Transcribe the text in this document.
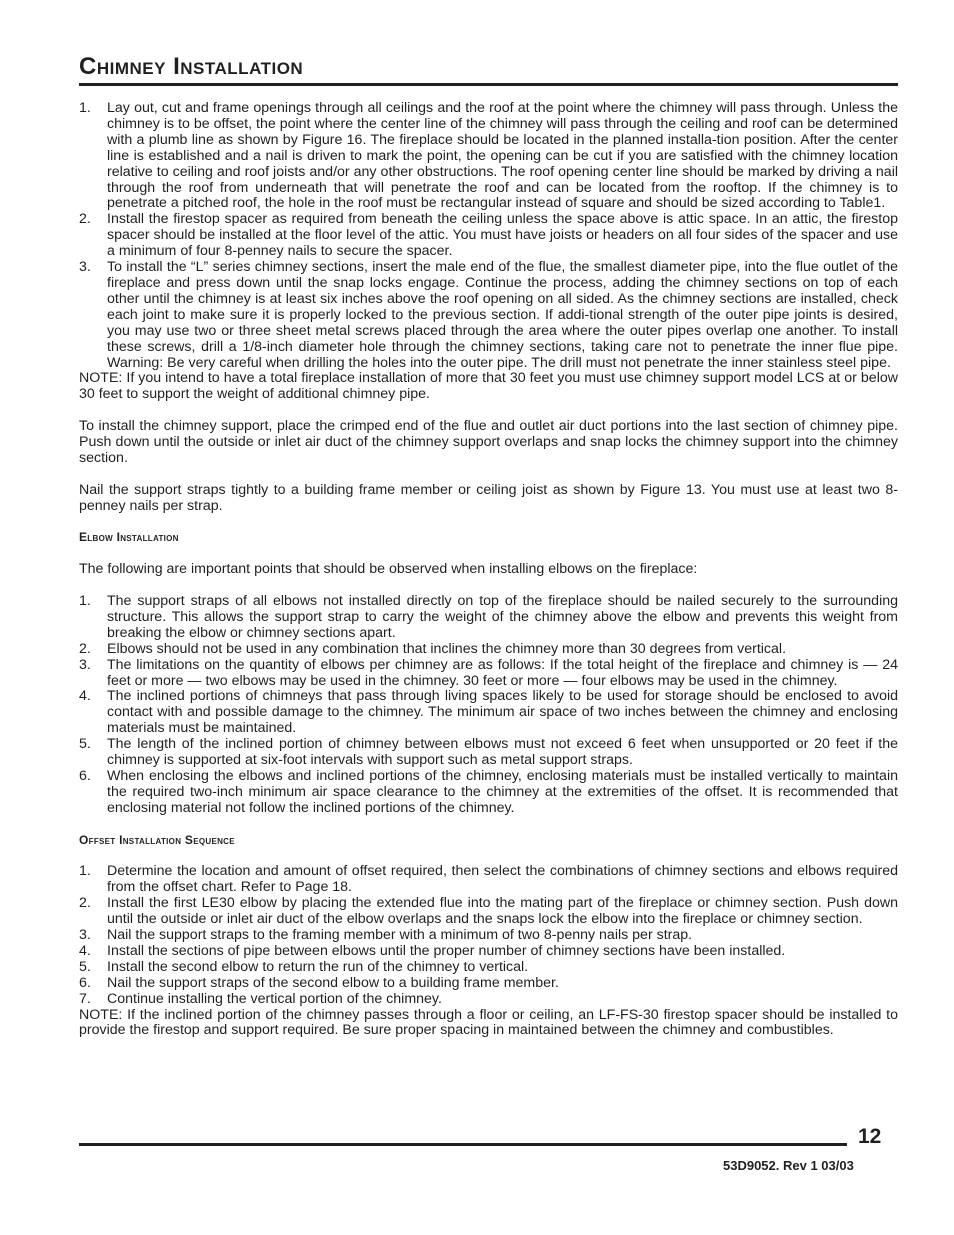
Chimney Installation
1. Lay out, cut and frame openings through all ceilings and the roof at the point where the chimney will pass through. Unless the chimney is to be offset, the point where the center line of the chimney will pass through the ceiling and roof can be determined with a plumb line as shown by Figure 16. The fireplace should be located in the planned installa-tion position. After the center line is established and a nail is driven to mark the point, the opening can be cut if you are satisfied with the chimney location relative to ceiling and roof joists and/or any other obstructions. The roof opening center line should be marked by driving a nail through the roof from underneath that will penetrate the roof and can be located from the rooftop. If the chimney is to penetrate a pitched roof, the hole in the roof must be rectangular instead of square and should be sized according to Table1.
2. Install the firestop spacer as required from beneath the ceiling unless the space above is attic space. In an attic, the firestop spacer should be installed at the floor level of the attic. You must have joists or headers on all four sides of the spacer and use a minimum of four 8-penney nails to secure the spacer.
3. To install the “L” series chimney sections, insert the male end of the flue, the smallest diameter pipe, into the flue outlet of the fireplace and press down until the snap locks engage. Continue the process, adding the chimney sections on top of each other until the chimney is at least six inches above the roof opening on all sided. As the chimney sections are installed, check each joint to make sure it is properly locked to the previous section. If addi-tional strength of the outer pipe joints is desired, you may use two or three sheet metal screws placed through the area where the outer pipes overlap one another. To install these screws, drill a 1/8-inch diameter hole through the chimney sections, taking care not to penetrate the inner flue pipe. Warning: Be very careful when drilling the holes into the outer pipe. The drill must not penetrate the inner stainless steel pipe.

NOTE: If you intend to have a total fireplace installation of more that 30 feet you must use chimney support model LCS at or below 30 feet to support the weight of additional chimney pipe.

To install the chimney support, place the crimped end of the flue and outlet air duct portions into the last section of chimney pipe. Push down until the outside or inlet air duct of the chimney support overlaps and snap locks the chimney support into the chimney section.

Nail the support straps tightly to a building frame member or ceiling joist as shown by Figure 13. You must use at least two 8-penney nails per strap.

Elbow Installation

The following are important points that should be observed when installing elbows on the fireplace:

1. The support straps of all elbows not installed directly on top of the fireplace should be nailed securely to the surrounding structure. This allows the support strap to carry the weight of the chimney above the elbow and prevents this weight from breaking the elbow or chimney sections apart.
2. Elbows should not be used in any combination that inclines the chimney more than 30 degrees from vertical.
3. The limitations on the quantity of elbows per chimney are as follows: If the total height of the fireplace and chimney is — 24 feet or more — two elbows may be used in the chimney. 30 feet or more — four elbows may be used in the chimney.
4. The inclined portions of chimneys that pass through living spaces likely to be used for storage should be enclosed to avoid contact with and possible damage to the chimney. The minimum air space of two inches between the chimney and enclosing materials must be maintained.
5. The length of the inclined portion of chimney between elbows must not exceed 6 feet when unsupported or 20 feet if the chimney is supported at six-foot intervals with support such as metal support straps.
6. When enclosing the elbows and inclined portions of the chimney, enclosing materials must be installed vertically to maintain the required two-inch minimum air space clearance to the chimney at the extremities of the offset. It is recommended that enclosing material not follow the inclined portions of the chimney.
Offset Installation Sequence
1. Determine the location and amount of offset required, then select the combinations of chimney sections and elbows required from the offset chart. Refer to Page 18.
2. Install the first LE30 elbow by placing the extended flue into the mating part of the fireplace or chimney section. Push down until the outside or inlet air duct of the elbow overlaps and the snaps lock the elbow into the fireplace or chimney section.
3. Nail the support straps to the framing member with a minimum of two 8-penny nails per strap.
4. Install the sections of pipe between elbows until the proper number of chimney sections have been installed.
5. Install the second elbow to return the run of the chimney to vertical.
6. Nail the support straps of the second elbow to a building frame member.
7. Continue installing the vertical portion of the chimney.

NOTE: If the inclined portion of the chimney passes through a floor or ceiling, an LF-FS-30 firestop spacer should be installed to provide the firestop and support required. Be sure proper spacing in maintained between the chimney and combustibles.

12
53D9052. Rev 1 03/03
